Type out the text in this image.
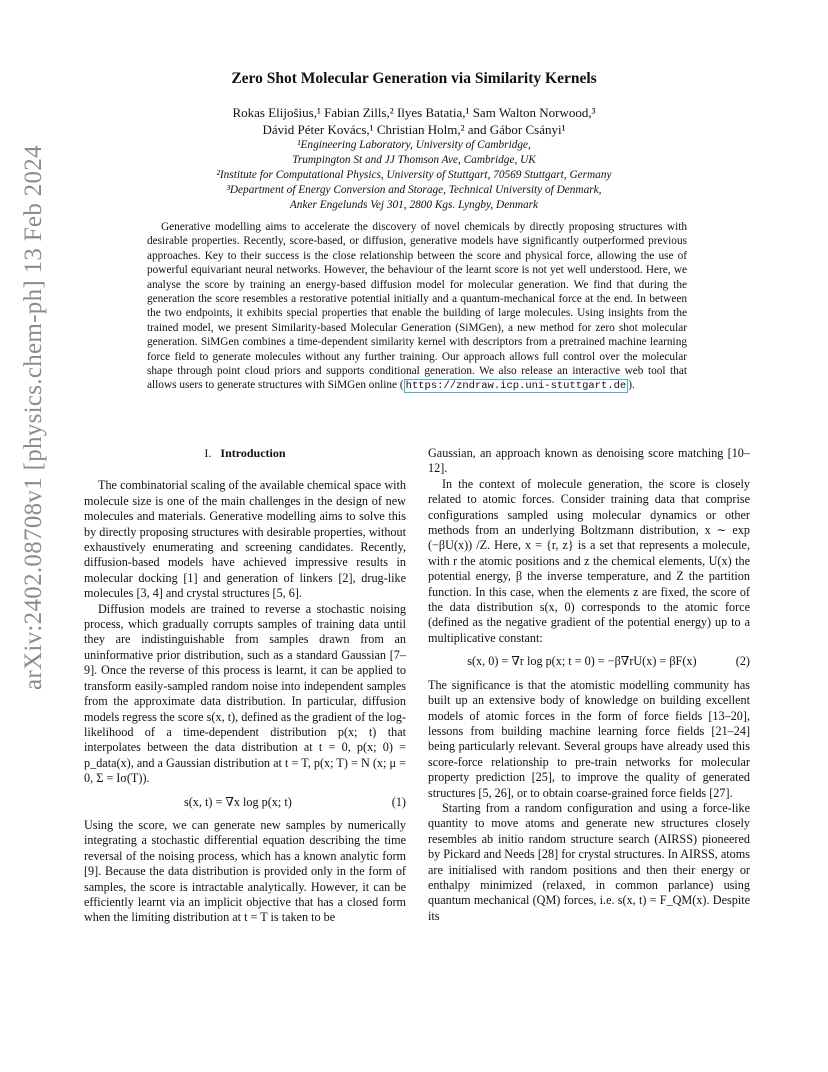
arXiv:2402.08708v1 [physics.chem-ph] 13 Feb 2024
Zero Shot Molecular Generation via Similarity Kernels
Rokas Elijošius,¹ Fabian Zills,² Ilyes Batatia,¹ Sam Walton Norwood,³
Dávid Péter Kovács,¹ Christian Holm,² and Gábor Csányi¹
¹Engineering Laboratory, University of Cambridge,
Trumpington St and JJ Thomson Ave, Cambridge, UK
²Institute for Computational Physics, University of Stuttgart, 70569 Stuttgart, Germany
³Department of Energy Conversion and Storage, Technical University of Denmark,
Anker Engelunds Vej 301, 2800 Kgs. Lyngby, Denmark
Generative modelling aims to accelerate the discovery of novel chemicals by directly proposing structures with desirable properties. Recently, score-based, or diffusion, generative models have significantly outperformed previous approaches. Key to their success is the close relationship between the score and physical force, allowing the use of powerful equivariant neural networks. However, the behaviour of the learnt score is not yet well understood. Here, we analyse the score by training an energy-based diffusion model for molecular generation. We find that during the generation the score resembles a restorative potential initially and a quantum-mechanical force at the end. In between the two endpoints, it exhibits special properties that enable the building of large molecules. Using insights from the trained model, we present Similarity-based Molecular Generation (SiMGen), a new method for zero shot molecular generation. SiMGen combines a time-dependent similarity kernel with descriptors from a pretrained machine learning force field to generate molecules without any further training. Our approach allows full control over the molecular shape through point cloud priors and supports conditional generation. We also release an interactive web tool that allows users to generate structures with SiMGen online ( https://zndraw.icp.uni-stuttgart.de ).
I. Introduction

The combinatorial scaling of the available chemical space with molecule size is one of the main challenges in the design of new molecules and materials. Generative modelling aims to solve this by directly proposing structures with desirable properties, without exhaustively enumerating and screening candidates. Recently, diffusion-based models have achieved impressive results in molecular docking [1] and generation of linkers [2], drug-like molecules [3, 4] and crystal structures [5, 6].

Diffusion models are trained to reverse a stochastic noising process, which gradually corrupts samples of training data until they are indistinguishable from samples drawn from an uninformative prior distribution, such as a standard Gaussian [7–9]. Once the reverse of this process is learnt, it can be applied to transform easily-sampled random noise into independent samples from the approximate data distribution. In particular, diffusion models regress the score s(x, t), defined as the gradient of the log-likelihood of a time-dependent distribution p(x; t) that interpolates between the data distribution at t = 0, p(x; 0) = p_data(x), and a Gaussian distribution at t = T, p(x; T) = N (x; μ = 0, Σ = Iσ(T)).

s(x, t) = ∇x log p(x; t)	(1)

Using the score, we can generate new samples by numerically integrating a stochastic differential equation describing the time reversal of the noising process, which has a known analytic form [9]. Because the data distribution is provided only in the form of samples, the score is intractable analytically. However, it can be efficiently learnt via an implicit objective that has a closed form when the limiting distribution at t = T is taken to be

Gaussian, an approach known as denoising score matching [10–12].

In the context of molecule generation, the score is closely related to atomic forces. Consider training data that comprise configurations sampled using molecular dynamics or other methods from an underlying Boltzmann distribution, x ∼ exp (−βU(x)) /Z. Here, x = {r, z} is a set that represents a molecule, with r the atomic positions and z the chemical elements, U(x) the potential energy, β the inverse temperature, and Z the partition function. In this case, when the elements z are fixed, the score of the data distribution s(x, 0) corresponds to the atomic force (defined as the negative gradient of the potential energy) up to a multiplicative constant:

s(x, 0) = ∇r log p(x; t = 0) = −β∇rU(x) = βF(x)	(2)

The significance is that the atomistic modelling community has built up an extensive body of knowledge on building excellent models of atomic forces in the form of force fields [13–20], lessons from building machine learning force fields [21–24] being particularly relevant. Several groups have already used this score-force relationship to pre-train networks for molecular property prediction [25], to improve the quality of generated structures [5, 26], or to obtain coarse-grained force fields [27].

Starting from a random configuration and using a force-like quantity to move atoms and generate new structures closely resembles ab initio random structure search (AIRSS) pioneered by Pickard and Needs [28] for crystal structures. In AIRSS, atoms are initialised with random positions and then their energy or enthalpy minimized (relaxed, in common parlance) using quantum mechanical (QM) forces, i.e. s(x, t) = F_QM(x). Despite its
